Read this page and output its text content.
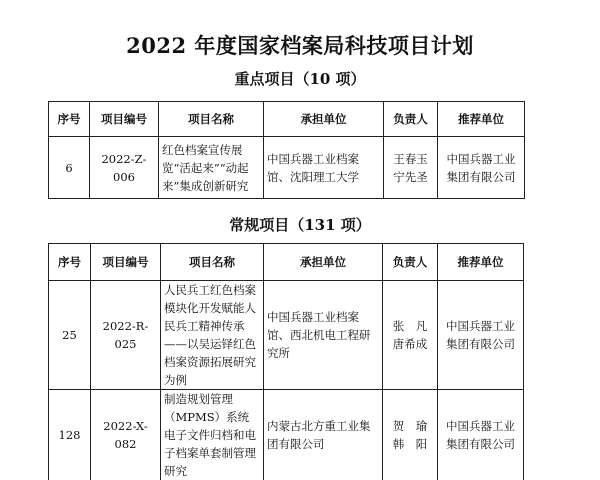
2022 年度国家档案局科技项目计划
重点项目（10 项）
序号	项目编号	项目名称	承担单位	负责人	推荐单位
6	2022-Z-006	红色档案宣传展览“活起来”“动起来”集成创新研究	中国兵器工业档案馆、沈阳理工大学	王春玉 宁先圣	中国兵器工业集团有限公司
常规项目（131 项）
序号	项目编号	项目名称	承担单位	负责人	推荐单位
25	2022-R-025	人民兵工红色档案模块化开发赋能人民兵工精神传承——以吴运铎红色档案资源拓展研究为例	中国兵器工业档案馆、西北机电工程研究所	张　凡 唐希成	中国兵器工业集团有限公司
128	2022-X-082	制造规划管理（MPMS）系统电子文件归档和电子档案单套制管理研究	内蒙古北方重工业集团有限公司	贺　瑜 韩　阳	中国兵器工业集团有限公司
